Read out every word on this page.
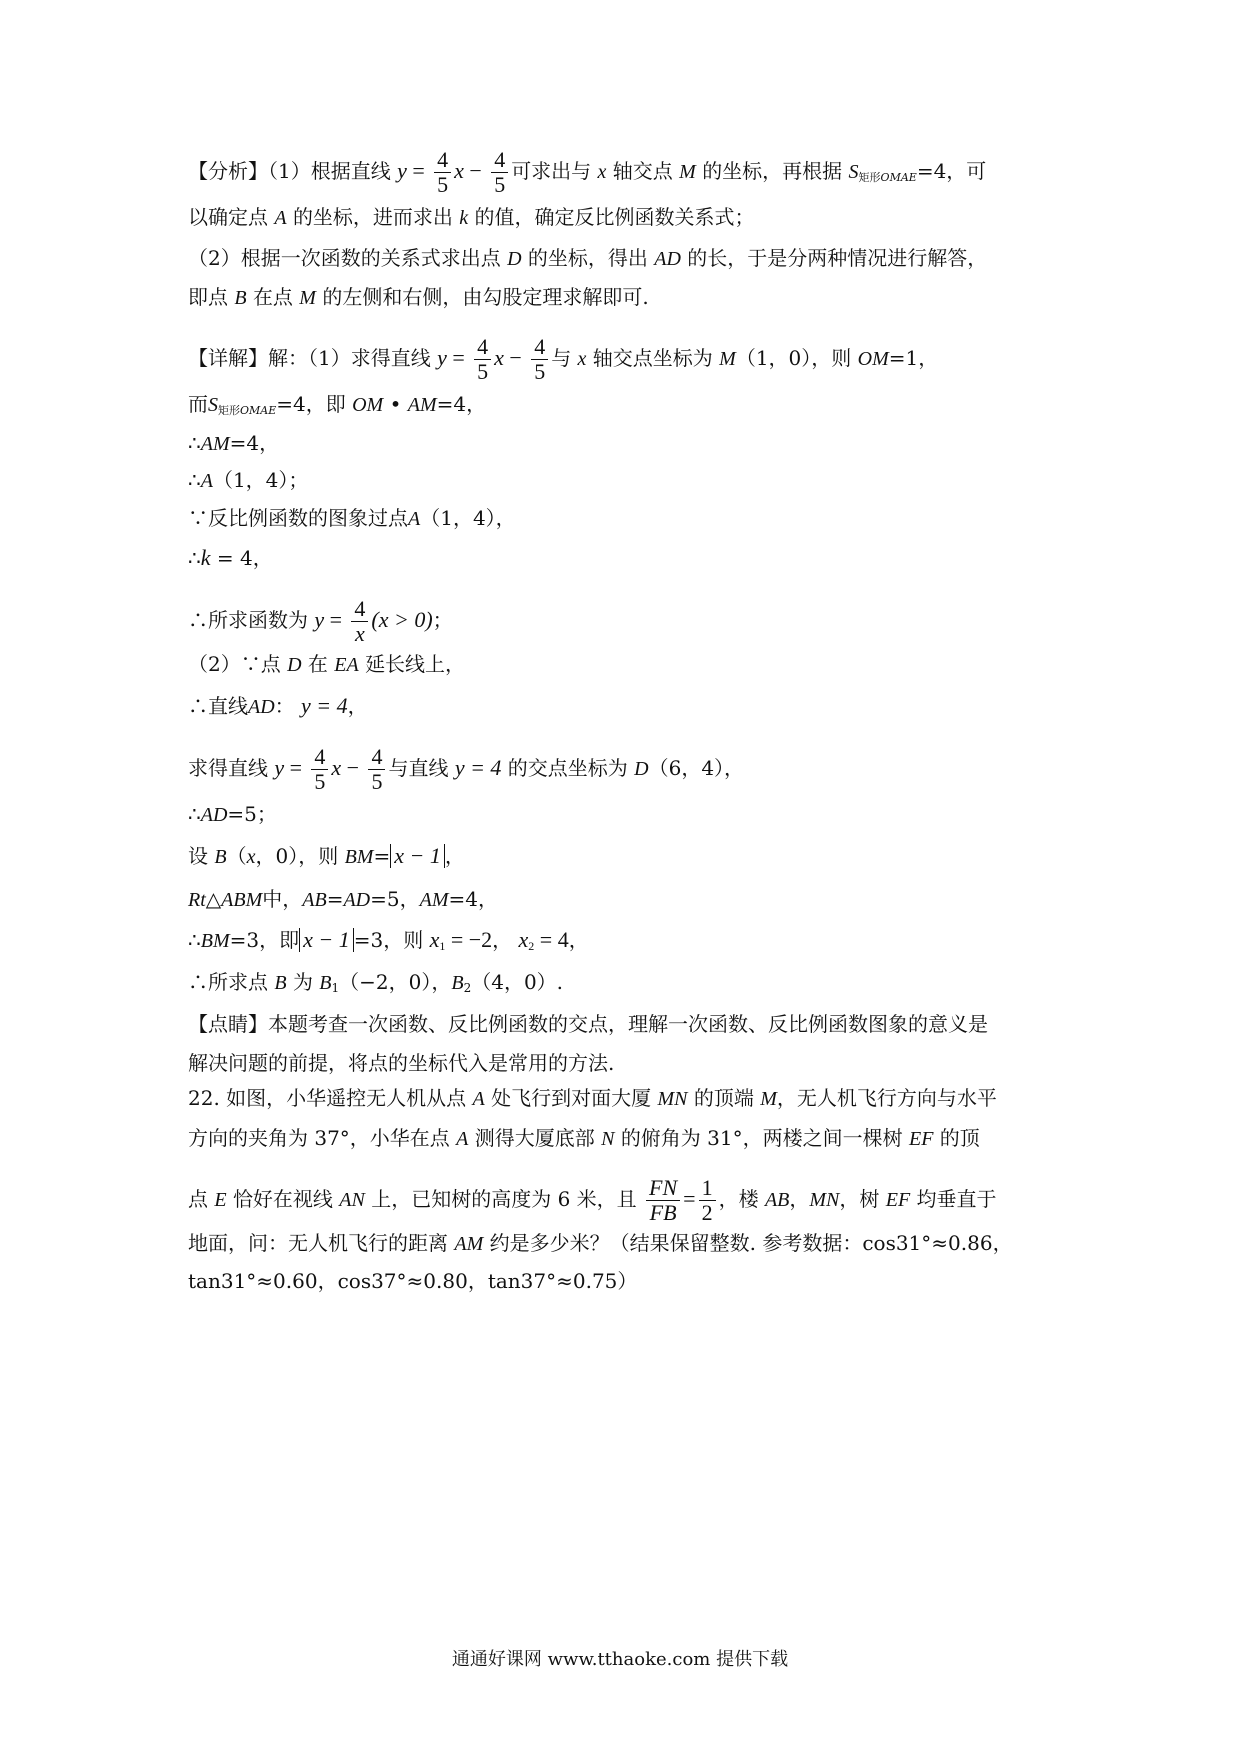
【分析】（1）根据直线 $y = \frac{4}{5}$ $x - \frac{4}{5}$ 可求出与 x 轴交点 M 的坐标，再根据 S矩形OMAE=4，可
以确定点 A 的坐标，进而求出 k 的值，确定反比例函数关系式；
（2）根据一次函数的关系式求出点 D 的坐标，得出 AD 的长，于是分两种情况进行解答，
即点 B 在点 M 的左侧和右侧，由勾股定理求解即可.
【详解】解：（1）求得直线 $y = \frac{4}{5}$ $x - \frac{4}{5}$ 与 x 轴交点坐标为 M（1，0），则 OM=1，
而S矩形OMAE=4，即 OM • AM=4，
∴AM=4，
∴A（1，4）；
∵反比例函数的图象过点A（1，4），
∴k = 4，
∴所求函数为 $y = \frac{4}{x} (x > 0)$；
（2）∵点 D 在 EA 延长线上，
∴直线AD： y = 4，
求得直线 $y = \frac{4}{5}$ $x - \frac{4}{5}$ 与直线 y = 4 的交点坐标为 D（6，4），
∴AD=5；
设 B（x，0），则 BM= x − 1 ，
Rt△ABM中，AB=AD=5，AM=4，
∴BM=3，即 x − 1 =3，则 $x_1 = -2$， $x_2 = 4$，
∴所求点 B 为 $B_1(-2$，0），$B_2(4$，0）.
【点睛】本题考查一次函数、反比例函数的交点，理解一次函数、反比例函数图象的意义是
解决问题的前提，将点的坐标代入是常用的方法.
22. 如图，小华遥控无人机从点 A 处飞行到对面大厦 MN 的顶端 M，无人机飞行方向与水平
方向的夹角为 37°，小华在点 A 测得大厦底部 N 的俯角为 31°，两楼之间一棵树 EF 的顶
点 E 恰好在视线 AN 上，已知树的高度为 6 米，且 $\frac{FN}{FB} = \frac{1}{2}$ ，楼 AB，MN，树 EF 均垂直于
地面，问：无人机飞行的距离 AM 约是多少米？（结果保留整数. 参考数据：cos31°≈0.86，
tan31°≈0.60，cos37°≈0.80，tan37°≈0.75）
通通好课网 www.tthaoke.com 提供下载
